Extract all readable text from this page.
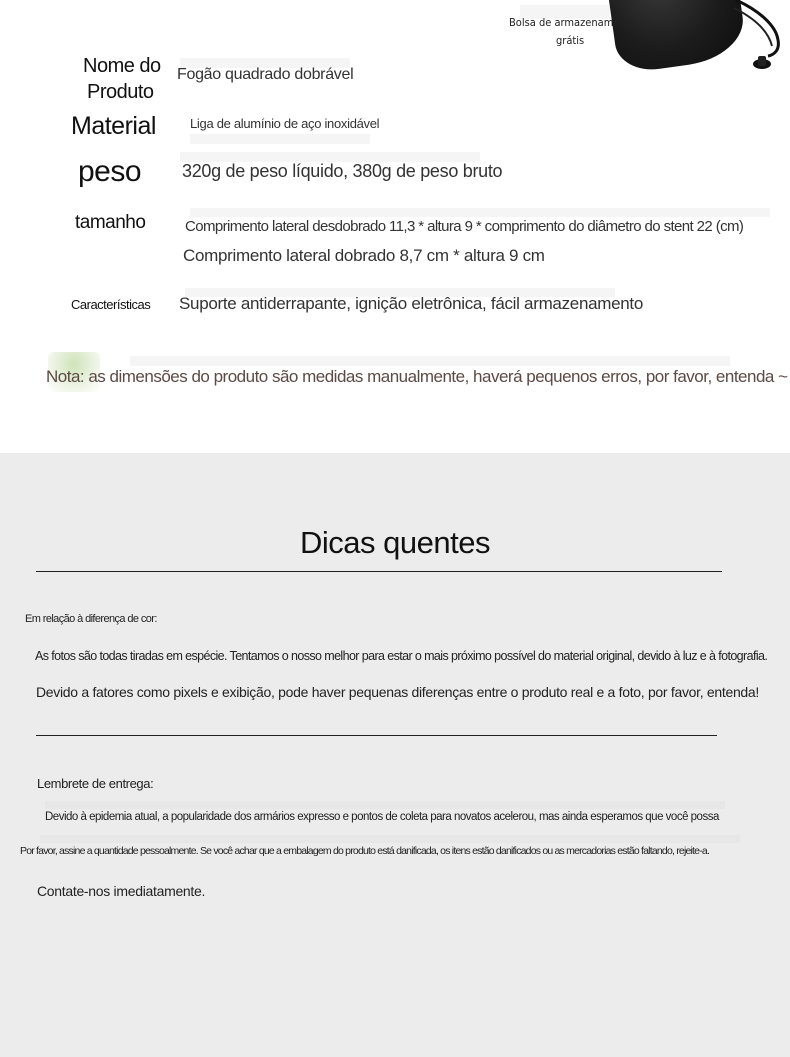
Bolsa de armazenamento
grátis
Nome do
Produto
Fogão quadrado dobrável
Material	Liga de alumínio de aço inoxidável
peso 320g de peso líquido, 380g de peso bruto
tamanho	Comprimento lateral desdobrado 11,3 * altura 9 * comprimento do diâmetro do stent 22 (cm)
Comprimento lateral dobrado 8,7 cm * altura 9 cm
Características Suporte antiderrapante, ignição eletrônica, fácil armazenamento
Nota: as dimensões do produto são medidas manualmente, haverá pequenos erros, por favor, entenda ~
Dicas quentes
Em relação à diferença de cor:
As fotos são todas tiradas em espécie. Tentamos o nosso melhor para estar o mais próximo possível do material original, devido à luz e à fotografia.
Devido a fatores como pixels e exibição, pode haver pequenas diferenças entre o produto real e a foto, por favor, entenda!
Lembrete de entrega:
Devido à epidemia atual, a popularidade dos armários expresso e pontos de coleta para novatos acelerou, mas ainda esperamos que você possa
Por favor, assine a quantidade pessoalmente. Se você achar que a embalagem do produto está danificada, os itens estão danificados ou as mercadorias estão faltando, rejeite-a.
Contate-nos imediatamente.
